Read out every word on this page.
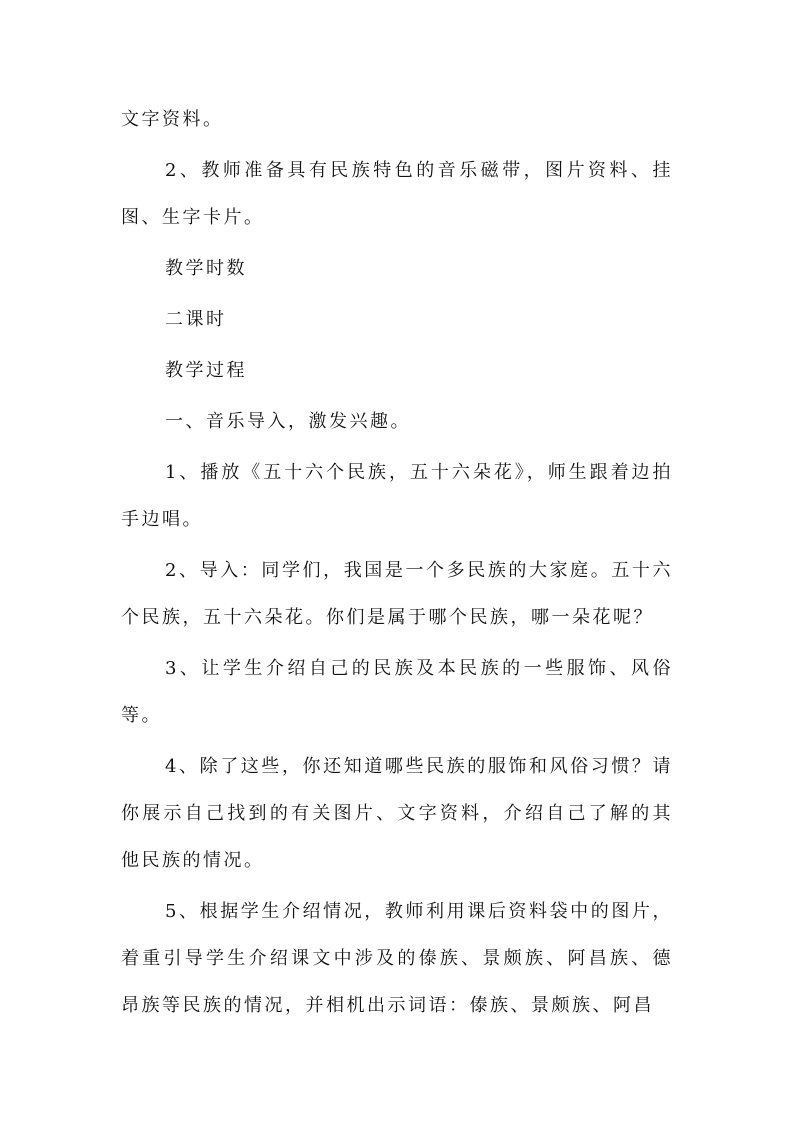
文字资料。

2、教师准备具有民族特色的音乐磁带，图片资料、挂图、生字卡片。

教学时数

二课时

教学过程

一、音乐导入，激发兴趣。

1、播放《五十六个民族，五十六朵花》，师生跟着边拍手边唱。

2、导入：同学们，我国是一个多民族的大家庭。五十六个民族，五十六朵花。你们是属于哪个民族，哪一朵花呢？

3、让学生介绍自己的民族及本民族的一些服饰、风俗等。

4、除了这些，你还知道哪些民族的服饰和风俗习惯？请你展示自己找到的有关图片、文字资料，介绍自己了解的其他民族的情况。

5、根据学生介绍情况，教师利用课后资料袋中的图片，着重引导学生介绍课文中涉及的傣族、景颇族、阿昌族、德昂族等民族的情况，并相机出示词语：傣族、景颇族、阿昌
